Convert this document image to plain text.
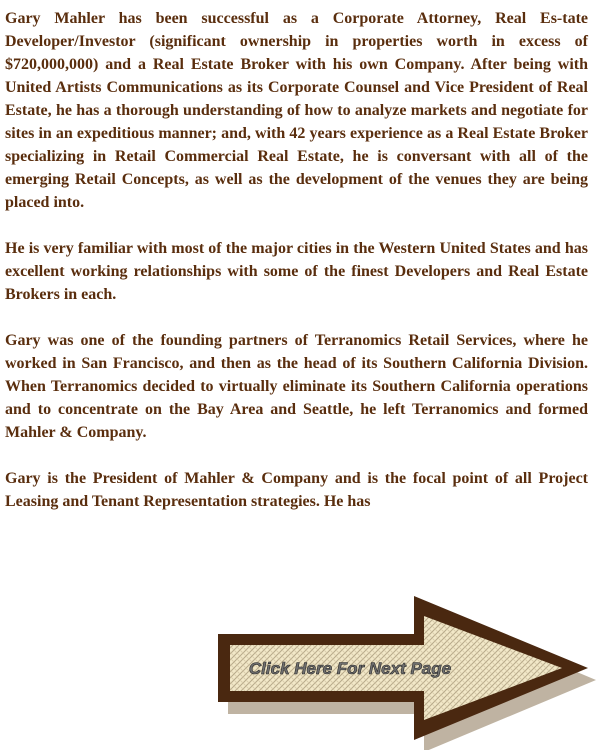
Gary Mahler has been successful as a Corporate Attorney, Real Es-tate Developer/Investor (significant ownership in properties worth in excess of $720,000,000) and a Real Estate Broker with his own Company. After being with United Artists Communications as its Corporate Counsel and Vice President of Real Estate, he has a thorough understanding of how to analyze markets and negotiate for sites in an expeditious manner; and, with 42 years experience as a Real Estate Broker specializing in Retail Commercial Real Estate, he is conversant with all of the emerging Retail Concepts, as well as the development of the venues they are being placed into.

He is very familiar with most of the major cities in the Western United States and has excellent working relationships with some of the finest Developers and Real Estate Brokers in each.

Gary was one of the founding partners of Terranomics Retail Services, where he worked in San Francisco, and then as the head of its Southern California Division. When Terranomics decided to virtually eliminate its Southern California operations and to concentrate on the Bay Area and Seattle, he left Terranomics and formed Mahler & Company.

Gary is the President of Mahler & Company and is the focal point of all Project Leasing and Tenant Representation strategies. He has

Click Here For Next Page
